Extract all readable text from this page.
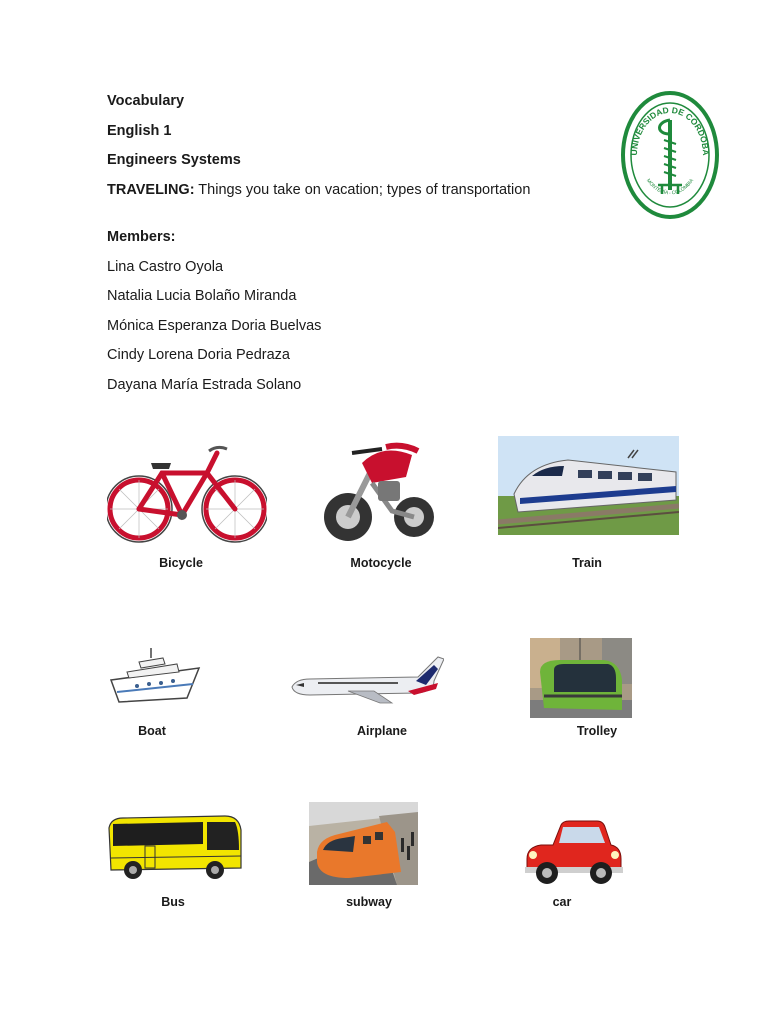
Vocabulary
English 1
Engineers Systems
TRAVELING: Things you take on vacation; types of transportation
UNIVERSIDAD DE CÓRDOBA
MONTERÍA - COLOMBIA
Members:
Lina Castro Oyola
Natalia Lucia Bolaño Miranda
Mónica Esperanza Doria Buelvas
Cindy Lorena Doria Pedraza
Dayana María Estrada Solano
Bicycle	Motocycle	Train
Boat	Airplane	Trolley
Bus	subway	car
